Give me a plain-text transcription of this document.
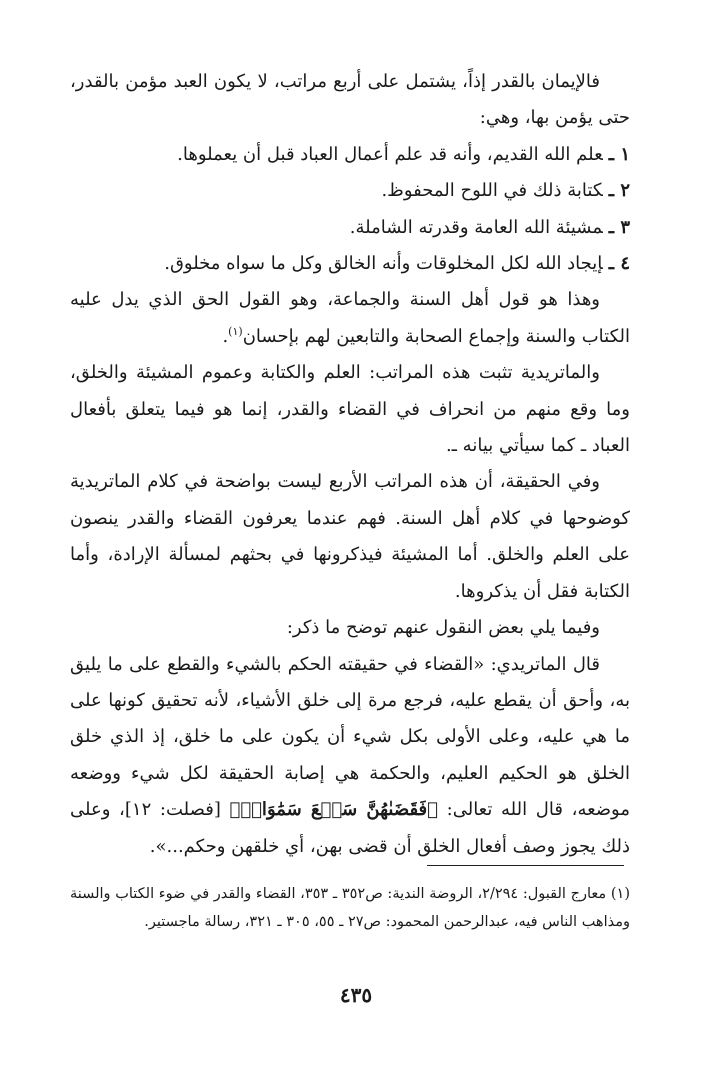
فالإيمان بالقدر إذاً، يشتمل على أربع مراتب، لا يكون العبد مؤمن بالقدر، حتى يؤمن بها، وهي:

١ ـعلم الله القديم، وأنه قد علم أعمال العباد قبل أن يعملوها.
٢ ـكتابة ذلك في اللوح المحفوظ.
٣ ـمشيئة الله العامة وقدرته الشاملة.
٤ ـإيجاد الله لكل المخلوقات وأنه الخالق وكل ما سواه مخلوق.

وهذا هو قول أهل السنة والجماعة، وهو القول الحق الذي يدل عليه الكتاب والسنة وإجماع الصحابة والتابعين لهم بإحسان$^{(١)}$.

والماتريدية تثبت هذه المراتب: العلم والكتابة وعموم المشيئة والخلق، وما وقع منهم من انحراف في القضاء والقدر، إنما هو فيما يتعلق بأفعال العباد ـ كما سيأتي بيانه ـ.

وفي الحقيقة، أن هذه المراتب الأربع ليست بواضحة في كلام الماتريدية كوضوحها في كلام أهل السنة. فهم عندما يعرفون القضاء والقدر ينصون على العلم والخلق. أما المشيئة فيذكرونها في بحثهم لمسألة الإرادة، وأما الكتابة فقل أن يذكروها.

وفيما يلي بعض النقول عنهم توضح ما ذكر:

قال الماتريدي: «القضاء في حقيقته الحكم بالشيء والقطع على ما يليق به، وأحق أن يقطع عليه، فرجع مرة إلى خلق الأشياء، لأنه تحقيق كونها على ما هي عليه، وعلى الأولى بكل شيء أن يكون على ما خلق، إذ الذي خلق الخلق هو الحكيم العليم، والحكمة هي إصابة الحقيقة لكل شيء ووضعه موضعه، قال الله تعالى: ﴿فَقَضَىٰهُنَّ سَبۡعَ سَمَٰوَاتٖ﴾ [فصلت: ١٢]، وعلى ذلك يجوز وصف أفعال الخلق أن قضى بهن، أي خلقهن وحكم...».

(١) معارج القبول: ٢/٢٩٤، الروضة الندية: ص٣٥٢ ـ ٣٥٣، القضاء والقدر في ضوء الكتاب والسنة ومذاهب الناس فيه، عبدالرحمن المحمود: ص٢٧ ـ ٥٥، ٣٠٥ ـ ٣٢١، رسالة ماجستير.

٤٣٥
